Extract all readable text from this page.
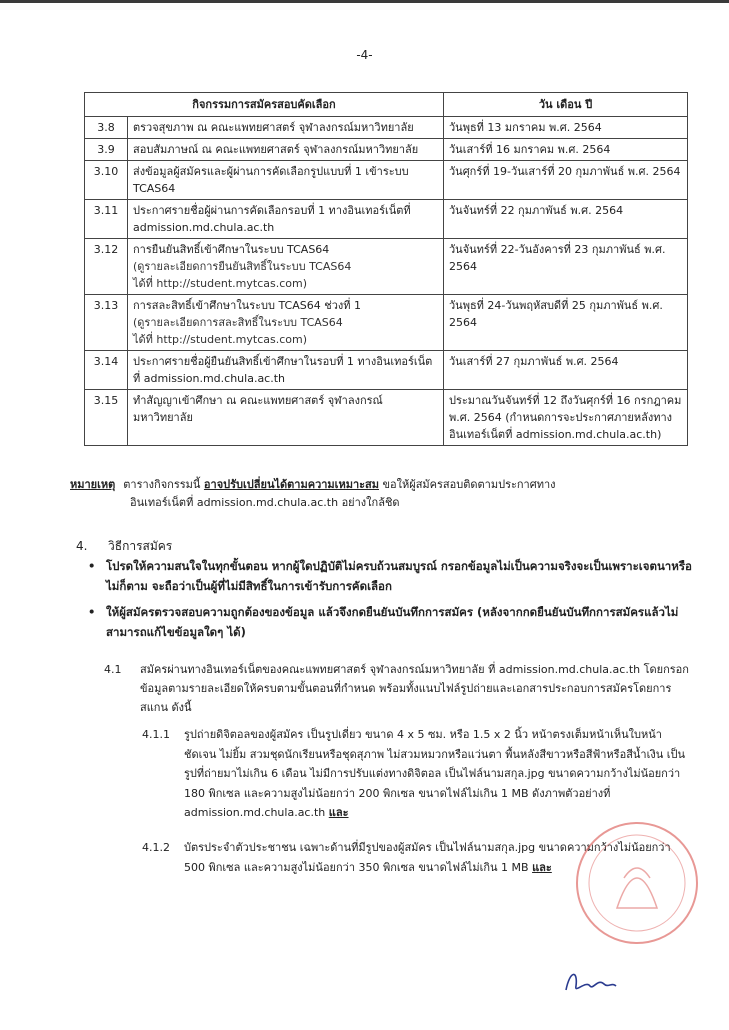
-4-
กิจกรรมการสมัครสอบคัดเลือก		วัน เดือน ปี
3.8	ตรวจสุขภาพ ณ คณะแพทยศาสตร์ จุฬาลงกรณ์มหาวิทยาลัย	วันพุธที่ 13 มกราคม พ.ศ. 2564
3.9	สอบสัมภาษณ์ ณ คณะแพทยศาสตร์ จุฬาลงกรณ์มหาวิทยาลัย	วันเสาร์ที่ 16 มกราคม พ.ศ. 2564
3.10	ส่งข้อมูลผู้สมัครและผู้ผ่านการคัดเลือกรูปแบบที่ 1 เข้าระบบ TCAS64	วันศุกร์ที่ 19-วันเสาร์ที่ 20 กุมภาพันธ์ พ.ศ. 2564
3.11	ประกาศรายชื่อผู้ผ่านการคัดเลือกรอบที่ 1 ทางอินเทอร์เน็ตที่ admission.md.chula.ac.th	วันจันทร์ที่ 22 กุมภาพันธ์ พ.ศ. 2564
3.12	การยืนยันสิทธิ์เข้าศึกษาในระบบ TCAS64
(ดูรายละเอียดการยืนยันสิทธิ์ในระบบ TCAS64
ได้ที่ http://student.mytcas.com)	วันจันทร์ที่ 22-วันอังคารที่ 23 กุมภาพันธ์ พ.ศ. 2564
3.13	การสละสิทธิ์เข้าศึกษาในระบบ TCAS64 ช่วงที่ 1
(ดูรายละเอียดการสละสิทธิ์ในระบบ TCAS64
ได้ที่ http://student.mytcas.com)	วันพุธที่ 24-วันพฤหัสบดีที่ 25 กุมภาพันธ์ พ.ศ. 2564
3.14	ประกาศรายชื่อผู้ยืนยันสิทธิ์เข้าศึกษาในรอบที่ 1 ทางอินเทอร์เน็ตที่ admission.md.chula.ac.th	วันเสาร์ที่ 27 กุมภาพันธ์ พ.ศ. 2564
3.15	ทำสัญญาเข้าศึกษา ณ คณะแพทยศาสตร์ จุฬาลงกรณ์มหาวิทยาลัย	ประมาณวันจันทร์ที่ 12 ถึงวันศุกร์ที่ 16 กรกฎาคม พ.ศ. 2564 (กำหนดการจะประกาศภายหลังทางอินเทอร์เน็ตที่ admission.md.chula.ac.th)
หมายเหตุ ตารางกิจกรรมนี้ อาจปรับเปลี่ยนได้ตามความเหมาะสม ขอให้ผู้สมัครสอบติดตามประกาศทาง
อินเทอร์เน็ตที่ admission.md.chula.ac.th อย่างใกล้ชิด
4. วิธีการสมัคร
• โปรดให้ความสนใจในทุกขั้นตอน หากผู้ใดปฏิบัติไม่ครบถ้วนสมบูรณ์ กรอกข้อมูลไม่เป็นความจริงจะเป็นเพราะเจตนาหรือไม่ก็ตาม จะถือว่าเป็นผู้ที่ไม่มีสิทธิ์ในการเข้ารับการคัดเลือก
• ให้ผู้สมัครตรวจสอบความถูกต้องของข้อมูล แล้วจึงกดยืนยันบันทึกการสมัคร (หลังจากกดยืนยันบันทึกการสมัครแล้วไม่สามารถแก้ไขข้อมูลใดๆ ได้)
4.1	สมัครผ่านทางอินเทอร์เน็ตของคณะแพทยศาสตร์ จุฬาลงกรณ์มหาวิทยาลัย ที่ admission.md.chula.ac.th โดยกรอกข้อมูลตามรายละเอียดให้ครบตามขั้นตอนที่กำหนด พร้อมทั้งแนบไฟล์รูปถ่ายและเอกสารประกอบการสมัครโดยการสแกน ดังนี้
4.1.1	รูปถ่ายดิจิตอลของผู้สมัคร เป็นรูปเดี่ยว ขนาด 4 x 5 ซม. หรือ 1.5 x 2 นิ้ว หน้าตรงเต็มหน้าเห็นใบหน้าชัดเจน ไม่ยิ้ม สวมชุดนักเรียนหรือชุดสุภาพ ไม่สวมหมวกหรือแว่นตา พื้นหลังสีขาวหรือสีฟ้าหรือสีน้ำเงิน เป็นรูปที่ถ่ายมาไม่เกิน 6 เดือน ไม่มีการปรับแต่งทางดิจิตอล เป็นไฟล์นามสกุล.jpg ขนาดความกว้างไม่น้อยกว่า 180 พิกเซล และความสูงไม่น้อยกว่า 200 พิกเซล ขนาดไฟล์ไม่เกิน 1 MB ดังภาพตัวอย่างที่ admission.md.chula.ac.th และ
4.1.2	บัตรประจำตัวประชาชน เฉพาะด้านที่มีรูปของผู้สมัคร เป็นไฟล์นามสกุล.jpg ขนาดความกว้างไม่น้อยกว่า 500 พิกเซล และความสูงไม่น้อยกว่า 350 พิกเซล ขนาดไฟล์ไม่เกิน 1 MB และ
